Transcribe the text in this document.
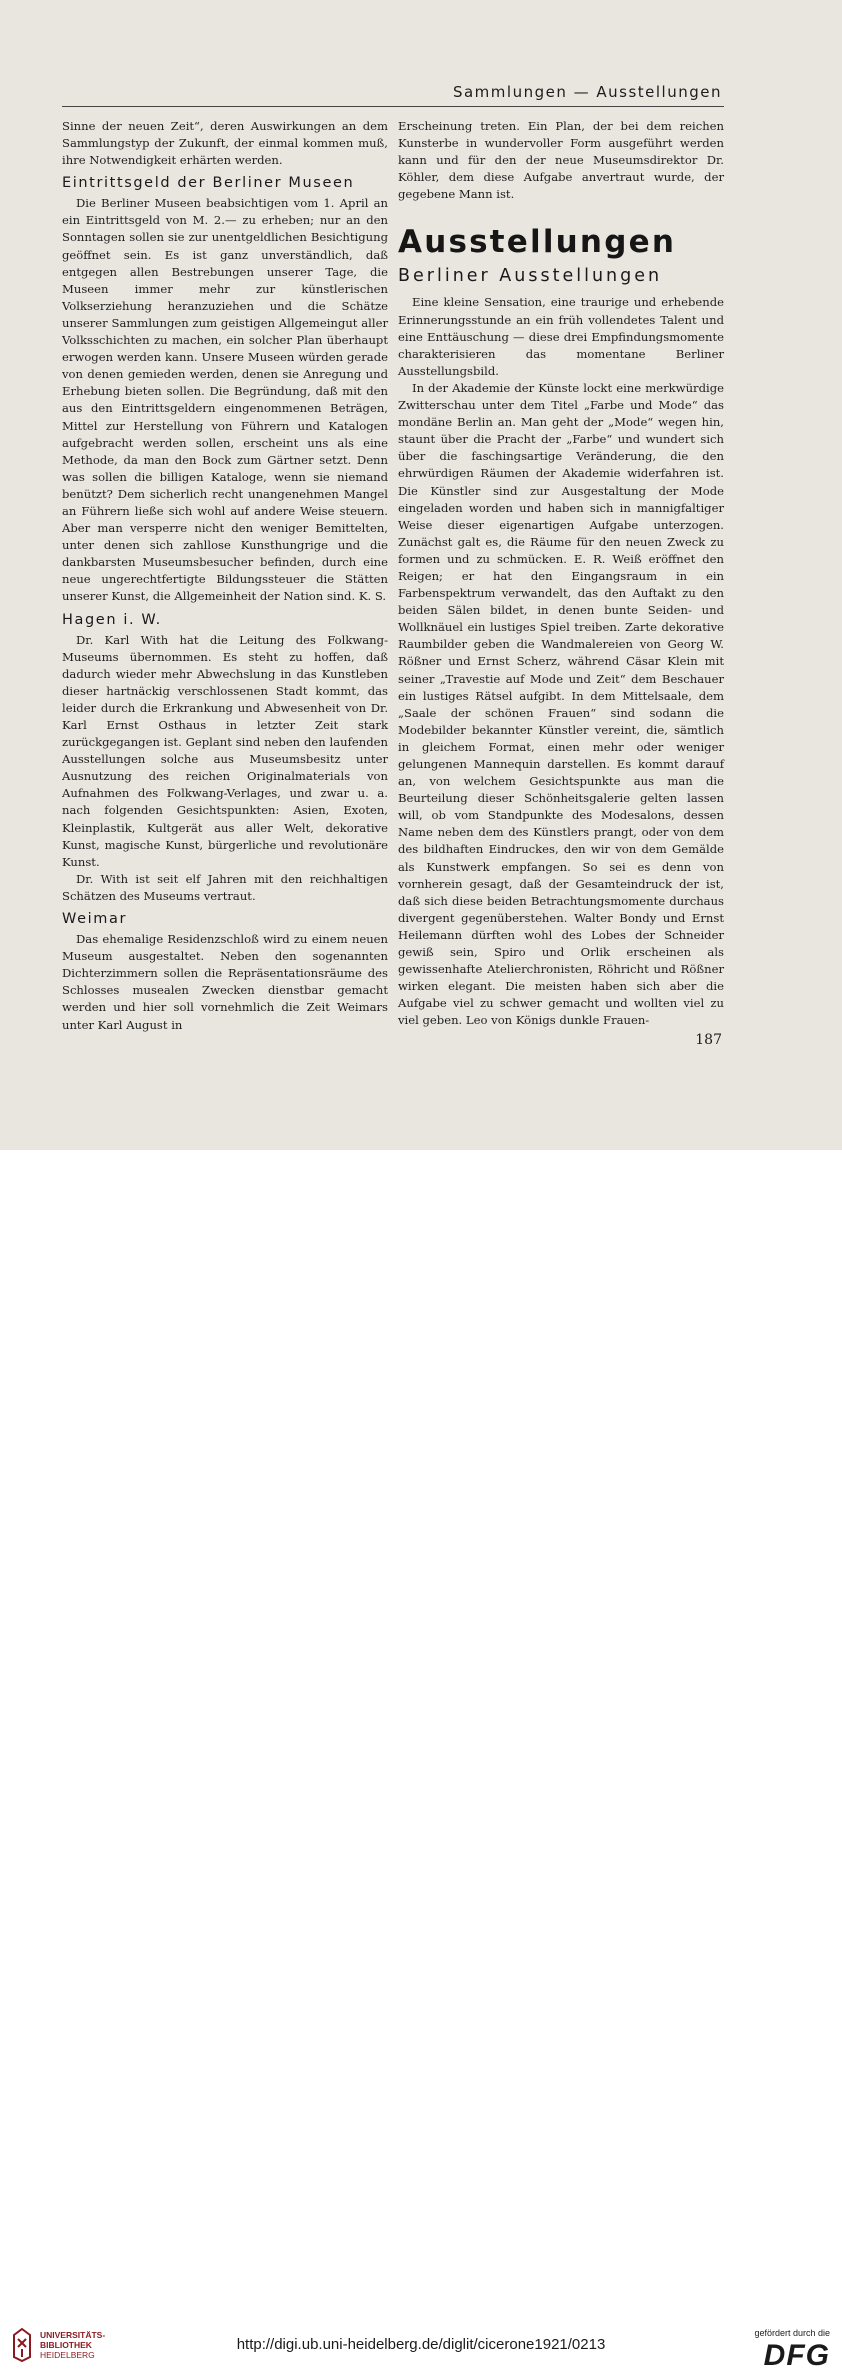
Sammlungen — Ausstellungen

Sinne der neuen Zeit“, deren Auswirkungen an dem Sammlungstyp der Zukunft, der einmal kommen muß, ihre Notwendigkeit erhärten werden.

Eintrittsgeld der Berliner Museen

Die Berliner Museen beabsichtigen vom 1. April an ein Eintrittsgeld von M. 2.— zu erheben; nur an den Sonntagen sollen sie zur unentgeldlichen Besichtigung geöffnet sein. Es ist ganz unverständlich, daß entgegen allen Bestrebungen unserer Tage, die Museen immer mehr zur künstlerischen Volkserziehung heranzuziehen und die Schätze unserer Sammlungen zum geistigen Allgemeingut aller Volksschichten zu machen, ein solcher Plan überhaupt erwogen werden kann. Unsere Museen würden gerade von denen gemieden werden, denen sie Anregung und Erhebung bieten sollen. Die Begründung, daß mit den aus den Eintrittsgeldern eingenommenen Beträgen, Mittel zur Herstellung von Führern und Katalogen aufgebracht werden sollen, erscheint uns als eine Methode, da man den Bock zum Gärtner setzt. Denn was sollen die billigen Kataloge, wenn sie niemand benützt? Dem sicherlich recht unangenehmen Mangel an Führern ließe sich wohl auf andere Weise steuern. Aber man versperre nicht den weniger Bemittelten, unter denen sich zahllose Kunsthungrige und die dankbarsten Museumsbesucher befinden, durch eine neue ungerechtfertigte Bildungssteuer die Stätten unserer Kunst, die Allgemeinheit der Nation sind. K. S.

Hagen i. W.

Dr. Karl With hat die Leitung des Folkwang-Museums übernommen. Es steht zu hoffen, daß dadurch wieder mehr Abwechslung in das Kunstleben dieser hartnäckig verschlossenen Stadt kommt, das leider durch die Erkrankung und Abwesenheit von Dr. Karl Ernst Osthaus in letzter Zeit stark zurückgegangen ist. Geplant sind neben den laufenden Ausstellungen solche aus Museumsbesitz unter Ausnutzung des reichen Originalmaterials von Aufnahmen des Folkwang-Verlages, und zwar u. a. nach folgenden Gesichtspunkten: Asien, Exoten, Kleinplastik, Kultgerät aus aller Welt, dekorative Kunst, magische Kunst, bürgerliche und revolutionäre Kunst.

Dr. With ist seit elf Jahren mit den reichhaltigen Schätzen des Museums vertraut.

Weimar

Das ehemalige Residenzschloß wird zu einem neuen Museum ausgestaltet. Neben den sogenannten Dichterzimmern sollen die Repräsentationsräume des Schlosses musealen Zwecken dienstbar gemacht werden und hier soll vornehmlich die Zeit Weimars unter Karl August in

Erscheinung treten. Ein Plan, der bei dem reichen Kunsterbe in wundervoller Form ausgeführt werden kann und für den der neue Museumsdirektor Dr. Köhler, dem diese Aufgabe anvertraut wurde, der gegebene Mann ist.

Ausstellungen
Berliner Ausstellungen

Eine kleine Sensation, eine traurige und erhebende Erinnerungsstunde an ein früh vollendetes Talent und eine Enttäuschung — diese drei Empfindungsmomente charakterisieren das momentane Berliner Ausstellungsbild.

In der Akademie der Künste lockt eine merkwürdige Zwitterschau unter dem Titel „Farbe und Mode“ das mondäne Berlin an. Man geht der „Mode“ wegen hin, staunt über die Pracht der „Farbe“ und wundert sich über die faschingsartige Veränderung, die den ehrwürdigen Räumen der Akademie widerfahren ist. Die Künstler sind zur Ausgestaltung der Mode eingeladen worden und haben sich in mannigfaltiger Weise dieser eigenartigen Aufgabe unterzogen. Zunächst galt es, die Räume für den neuen Zweck zu formen und zu schmücken. E. R. Weiß eröffnet den Reigen; er hat den Eingangsraum in ein Farbenspektrum verwandelt, das den Auftakt zu den beiden Sälen bildet, in denen bunte Seiden- und Wollknäuel ein lustiges Spiel treiben. Zarte dekorative Raumbilder geben die Wandmalereien von Georg W. Rößner und Ernst Scherz, während Cäsar Klein mit seiner „Travestie auf Mode und Zeit“ dem Beschauer ein lustiges Rätsel aufgibt. In dem Mittelsaale, dem „Saale der schönen Frauen“ sind sodann die Modebilder bekannter Künstler vereint, die, sämtlich in gleichem Format, einen mehr oder weniger gelungenen Mannequin darstellen. Es kommt darauf an, von welchem Gesichtspunkte aus man die Beurteilung dieser Schönheitsgalerie gelten lassen will, ob vom Standpunkte des Modesalons, dessen Name neben dem des Künstlers prangt, oder von dem des bildhaften Eindruckes, den wir von dem Gemälde als Kunstwerk empfangen. So sei es denn von vornherein gesagt, daß der Gesamteindruck der ist, daß sich diese beiden Betrachtungsmomente durchaus divergent gegenüberstehen. Walter Bondy und Ernst Heilemann dürften wohl des Lobes der Schneider gewiß sein, Spiro und Orlik erscheinen als gewissenhafte Atelierchronisten, Röhricht und Rößner wirken elegant. Die meisten haben sich aber die Aufgabe viel zu schwer gemacht und wollten viel zu viel geben. Leo von Königs dunkle Frauen-

187
UNIVERSITÄTS-
BIBLIOTHEK
HEIDELBERG
http://digi.ub.uni-heidelberg.de/diglit/cicerone1921/0213
gefördert durch die
DFG
